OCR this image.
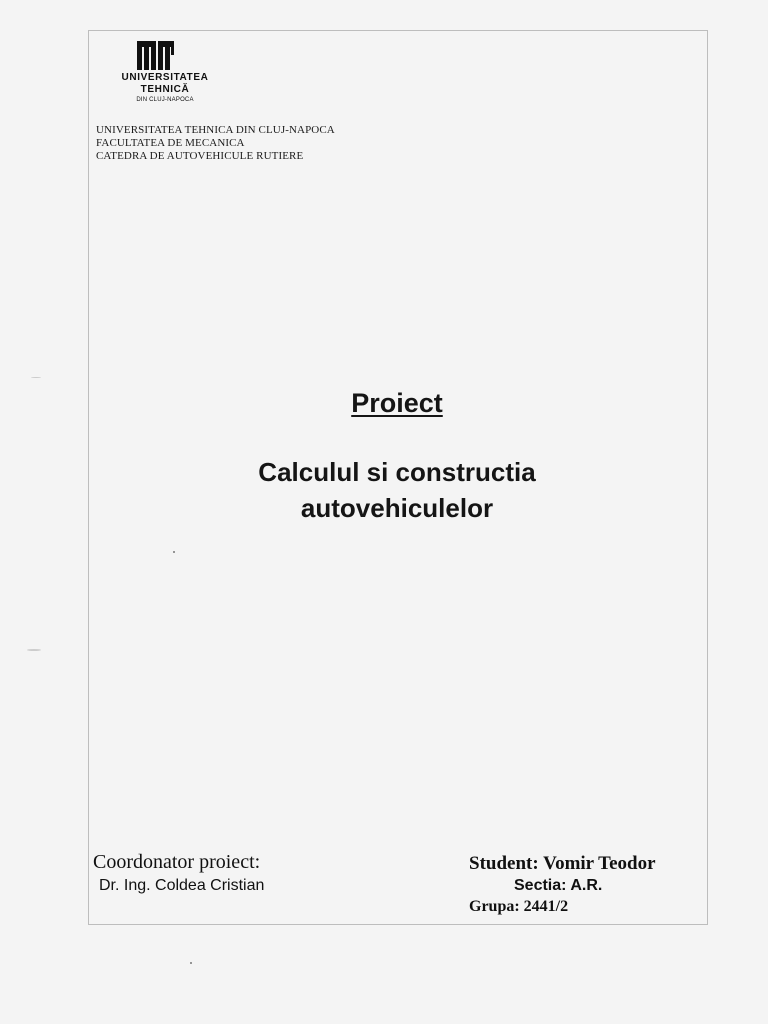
UNIVERSITATEA
TEHNICĂ
DIN CLUJ-NAPOCA
UNIVERSITATEA TEHNICA DIN CLUJ-NAPOCA
FACULTATEA DE MECANICA
CATEDRA DE AUTOVEHICULE RUTIERE
Proiect
Calculul si constructia
autovehiculelor
Coordonator proiect:
Dr. Ing. Coldea Cristian
Student: Vomir Teodor
Sectia: A.R.
Grupa: 2441/2
